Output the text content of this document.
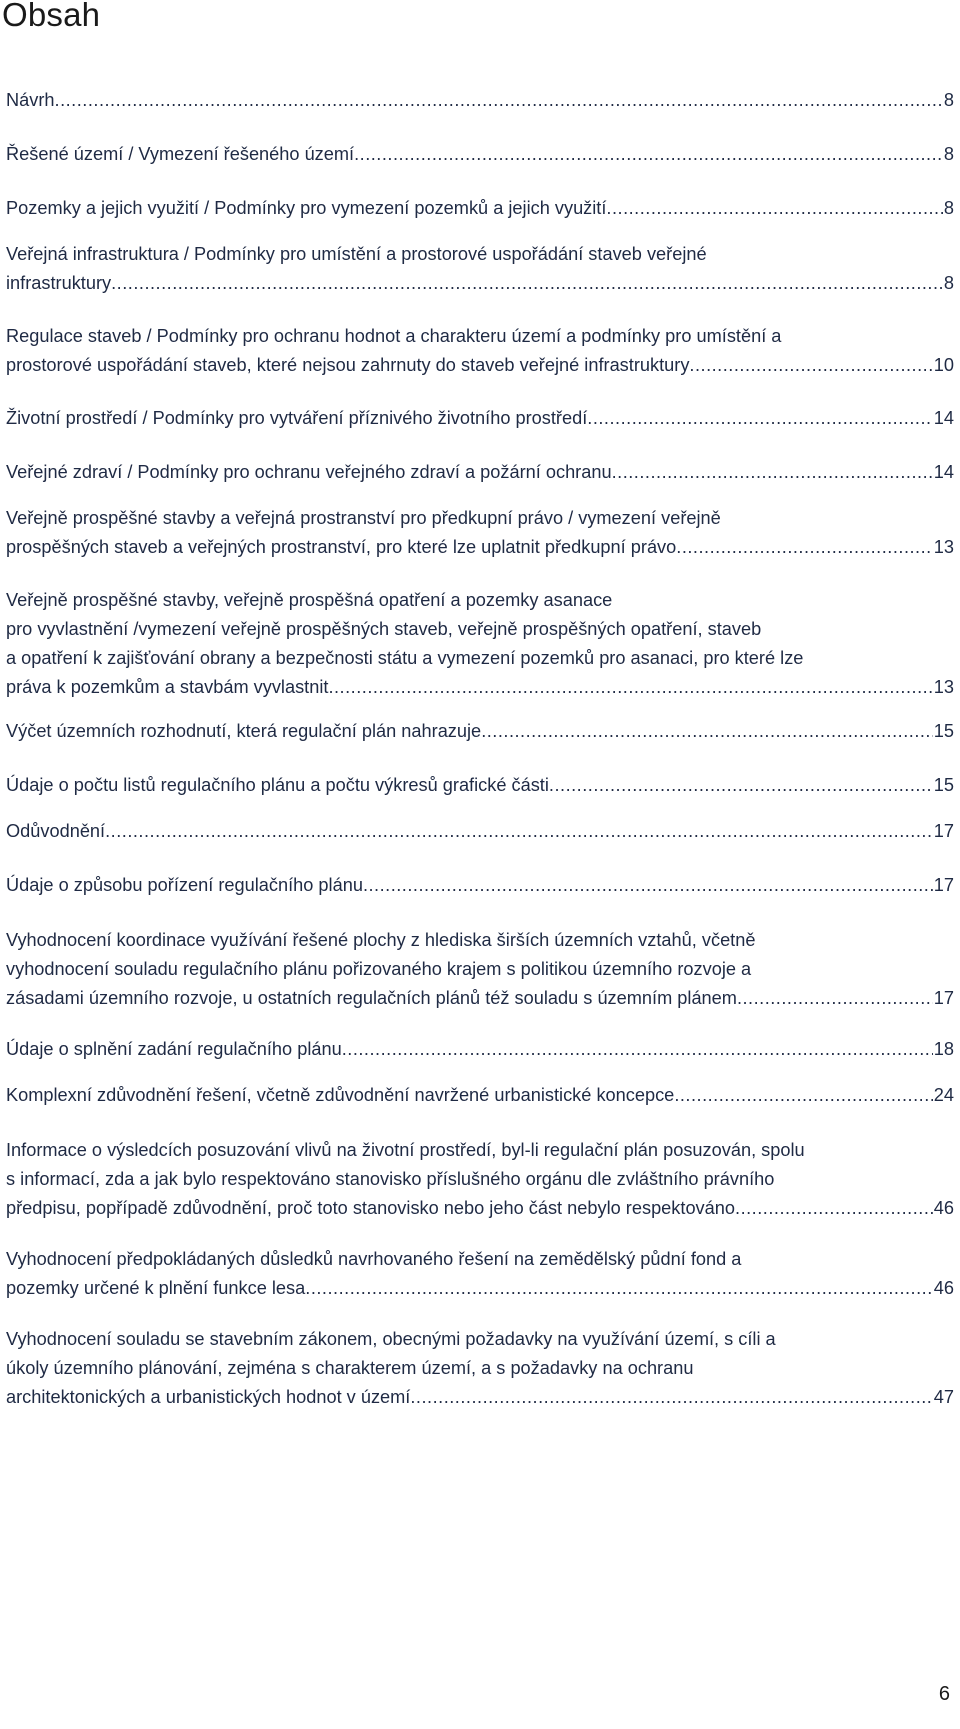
Obsah
Návrh .....	8
Řešené území / Vymezení řešeného území .....	8
Pozemky a jejich využití / Podmínky pro vymezení pozemků a jejich využití .....	8
Veřejná infrastruktura / Podmínky pro umístění a prostorové uspořádání staveb veřejné
infrastruktury .....	8
Regulace staveb / Podmínky pro ochranu hodnot a charakteru území a podmínky pro umístění a
prostorové uspořádání staveb, které nejsou zahrnuty do staveb veřejné infrastruktury .....	10
Životní prostředí / Podmínky pro vytváření příznivého životního prostředí .....	14
Veřejné zdraví / Podmínky pro ochranu veřejného zdraví a požární ochranu .....	14
Veřejně prospěšné stavby a veřejná prostranství pro předkupní právo / vymezení veřejně
prospěšných staveb a veřejných prostranství, pro které lze uplatnit předkupní právo .....	13
Veřejně prospěšné stavby, veřejně prospěšná opatření a pozemky asanace
pro vyvlastnění /vymezení veřejně prospěšných staveb, veřejně prospěšných opatření, staveb
a opatření k zajišťování obrany a bezpečnosti státu a vymezení pozemků pro asanaci, pro které lze
práva k pozemkům a stavbám vyvlastnit .....	13
Výčet územních rozhodnutí, která regulační plán nahrazuje .....	15
Údaje o počtu listů regulačního plánu a počtu výkresů grafické části .....	15
Odůvodnění .....	17
Údaje o způsobu pořízení regulačního plánu .....	17
Vyhodnocení koordinace využívání řešené plochy z hlediska širších územních vztahů, včetně
vyhodnocení souladu regulačního plánu pořizovaného krajem s politikou územního rozvoje a
zásadami územního rozvoje, u ostatních regulačních plánů též souladu s územním plánem .....	17
Údaje o splnění zadání regulačního plánu .....	18
Komplexní zdůvodnění řešení, včetně zdůvodnění navržené urbanistické koncepce .....	24
Informace o výsledcích posuzování vlivů na životní prostředí, byl-li regulační plán posuzován, spolu
s informací, zda a jak bylo respektováno stanovisko příslušného orgánu dle zvláštního právního
předpisu, popřípadě zdůvodnění, proč toto stanovisko nebo jeho část nebylo respektováno .....	46
Vyhodnocení předpokládaných důsledků navrhovaného řešení na zemědělský půdní fond a
pozemky určené k plnění funkce lesa .....	46
Vyhodnocení souladu se stavebním zákonem, obecnými požadavky na využívání území, s cíli a
úkoly územního plánování, zejména s charakterem území, a s požadavky na ochranu
architektonických a urbanistických hodnot v území .....	47
6
